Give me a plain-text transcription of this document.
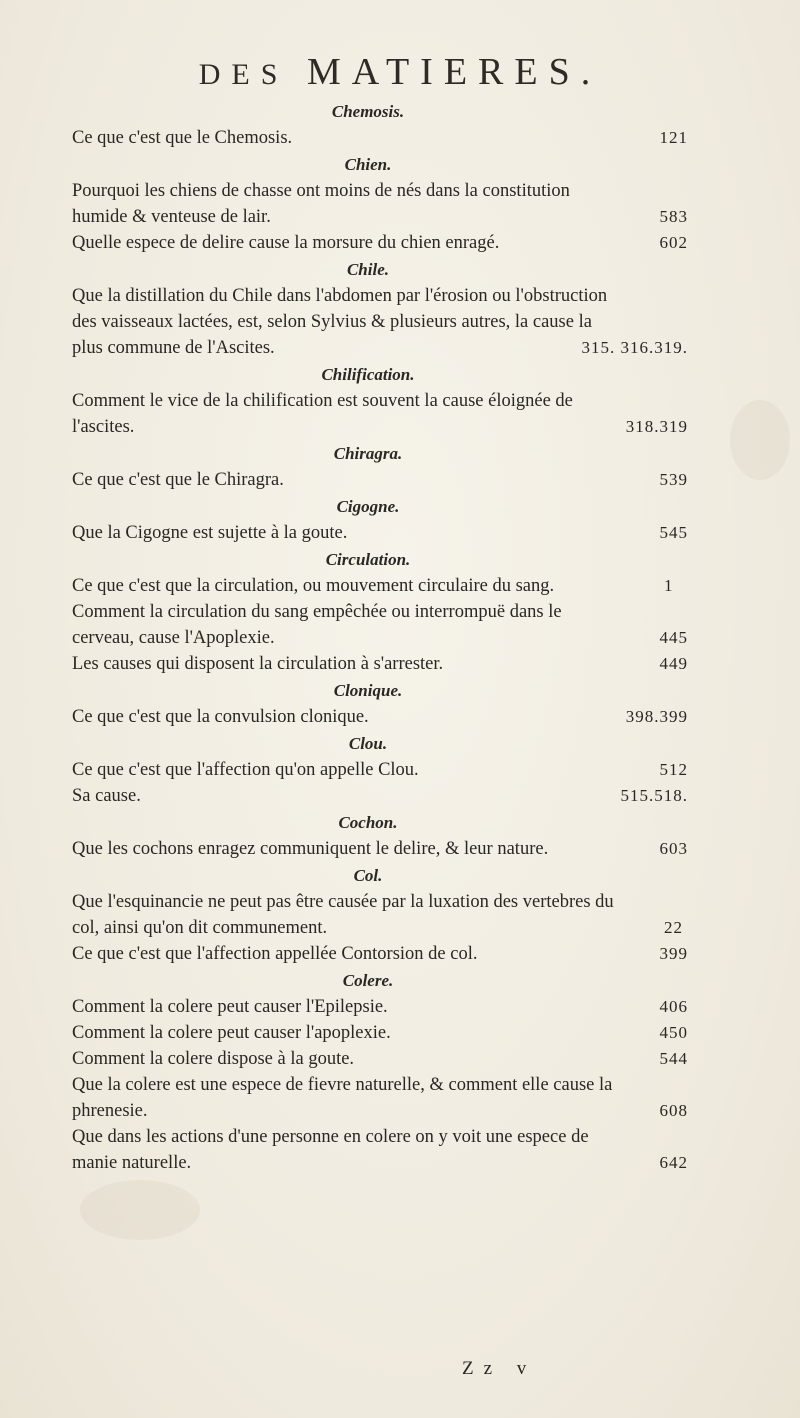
DES MATIERES.
Chemosis.
Ce que c'est que le Chemosis.	121
Chien.
Pourquoi les chiens de chasse ont moins de nés dans la constitution humide & venteuse de lair.	583
Quelle espece de delire cause la morsure du chien enragé.	602
Chile.
Que la distillation du Chile dans l'abdomen par l'érosion ou l'obstruction des vaisseaux lactées, est, selon Sylvius & plusieurs autres, la cause la plus commune de l'Ascites.	315. 316.319.
Chilification.
Comment le vice de la chilification est souvent la cause éloignée de l'ascites.	318.319
Chiragra.
Ce que c'est que le Chiragra.	539
Cigogne.
Que la Cigogne est sujette à la goute.	545
Circulation.
Ce que c'est que la circulation, ou mouvement circulaire du sang.	1
Comment la circulation du sang empêchée ou interrompuë dans le cerveau, cause l'Apoplexie.	445
Les causes qui disposent la circulation à s'arrester.	449
Clonique.
Ce que c'est que la convulsion clonique.	398.399
Clou.
Ce que c'est que l'affection qu'on appelle Clou.	512
Sa cause.	515.518.
Cochon.
Que les cochons enragez communiquent le delire, & leur nature.	603
Col.
Que l'esquinancie ne peut pas être causée par la luxation des vertebres du col, ainsi qu'on dit communement.	22
Ce que c'est que l'affection appellée Contorsion de col.	399
Colere.
Comment la colere peut causer l'Epilepsie.	406
Comment la colere peut causer l'apoplexie.	450
Comment la colere dispose à la goute.	544
Que la colere est une espece de fievre naturelle, & comment elle cause la phrenesie.	608
Que dans les actions d'une personne en colere on y voit une espece de manie naturelle.	642
Zz v
